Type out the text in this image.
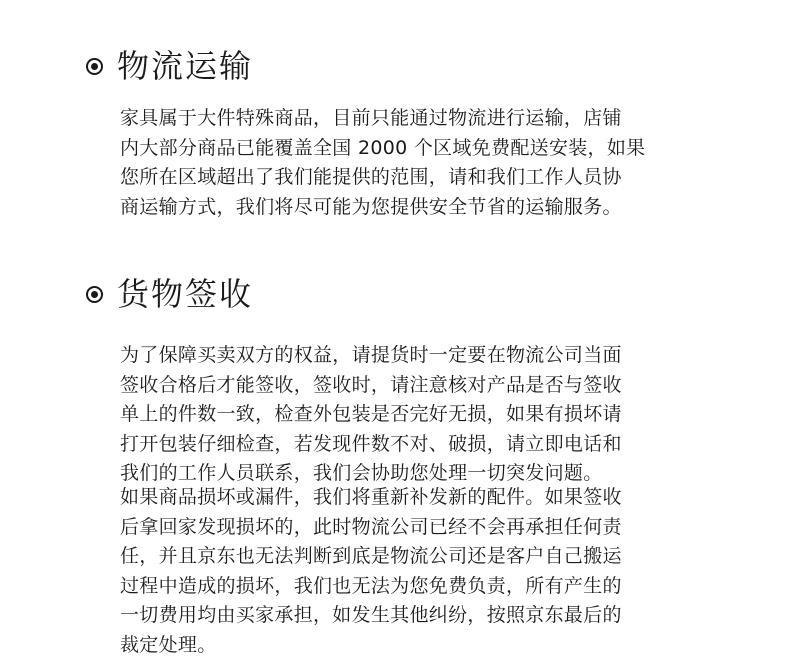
物流运输

家具属于大件特殊商品，目前只能通过物流进行运输，店铺
内大部分商品已能覆盖全国 2000 个区域免费配送安装，如果
您所在区域超出了我们能提供的范围，请和我们工作人员协
商运输方式，我们将尽可能为您提供安全节省的运输服务。

货物签收

为了保障买卖双方的权益，请提货时一定要在物流公司当面
签收合格后才能签收，签收时，请注意核对产品是否与签收
单上的件数一致，检查外包装是否完好无损，如果有损坏请
打开包装仔细检查，若发现件数不对、破损，请立即电话和
我们的工作人员联系，我们会协助您处理一切突发问题。

如果商品损坏或漏件，我们将重新补发新的配件。如果签收
后拿回家发现损坏的，此时物流公司已经不会再承担任何责
任，并且京东也无法判断到底是物流公司还是客户自己搬运
过程中造成的损坏，我们也无法为您免费负责，所有产生的
一切费用均由买家承担，如发生其他纠纷，按照京东最后的
裁定处理。
